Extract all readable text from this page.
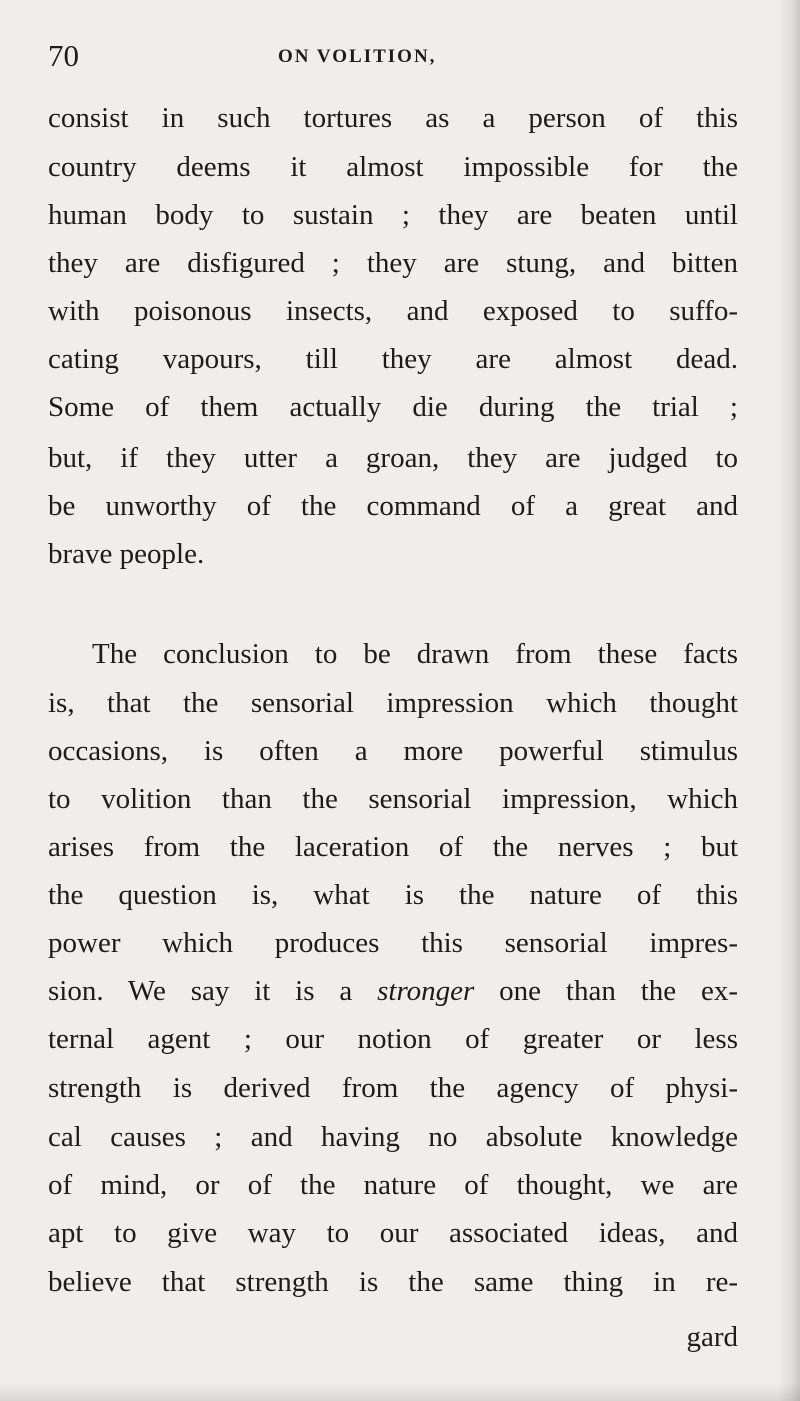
70	ON VOLITION,
consist in such tortures as a person of this
country deems it almost impossible for the
human body to sustain ; they are beaten until
they are disfigured ; they are stung, and bitten
with poisonous insects, and exposed to suffo-
cating vapours, till they are almost dead.
Some of them actually die during the trial ;
but, if they utter a groan, they are judged to
be unworthy of the command of a great and
brave people.
The conclusion to be drawn from these facts
is, that the sensorial impression which thought
occasions, is often a more powerful stimulus
to volition than the sensorial impression, which
arises from the laceration of the nerves ; but
the question is, what is the nature of this
power which produces this sensorial impres-
sion. We say it is a stronger one than the ex-
ternal agent ; our notion of greater or less
strength is derived from the agency of physi-
cal causes ; and having no absolute knowledge
of mind, or of the nature of thought, we are
apt to give way to our associated ideas, and
believe that strength is the same thing in re-
gard
